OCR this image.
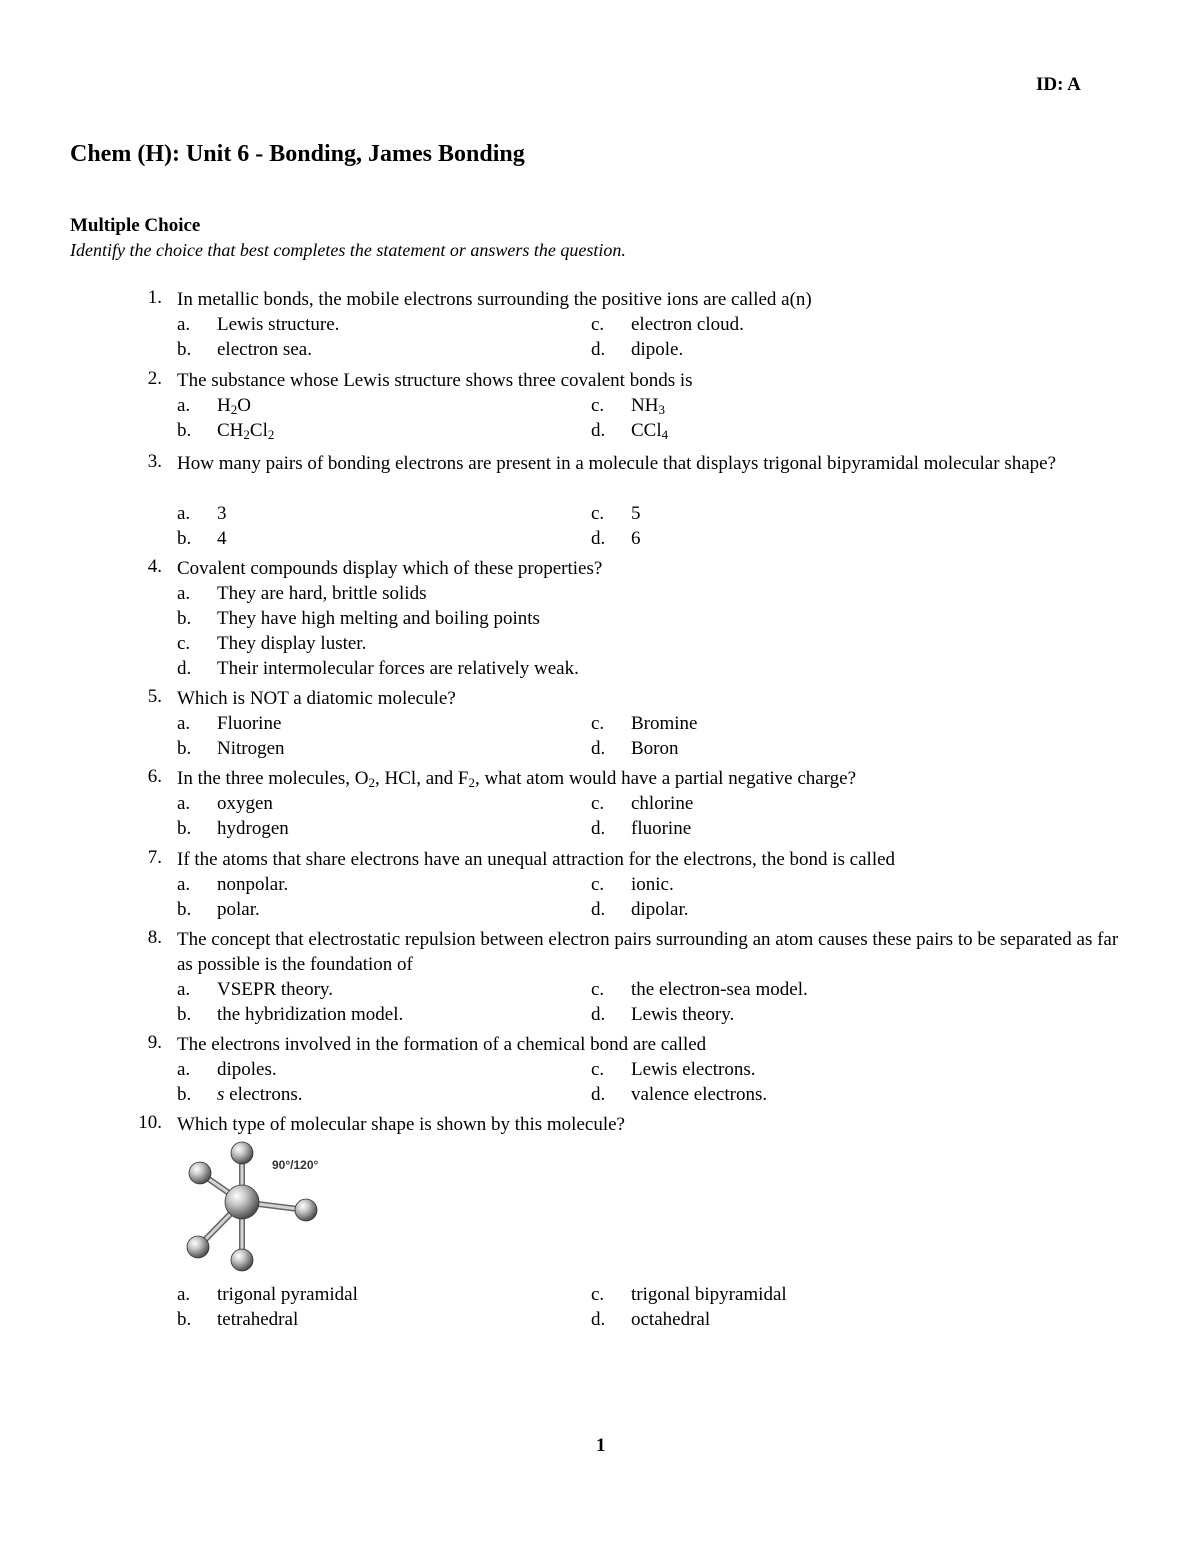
ID: A
Chem (H): Unit 6 - Bonding, James Bonding
Multiple Choice
Identify the choice that best completes the statement or answers the question.
1. In metallic bonds, the mobile electrons surrounding the positive ions are called a(n)
a. Lewis structure.
b. electron sea.
c. electron cloud.
d. dipole.
2. The substance whose Lewis structure shows three covalent bonds is
a. $H_2O$
b. $CH_2Cl_2$
c. $NH_3$
d. CCl$_4$
3. How many pairs of bonding electrons are present in a molecule that displays trigonal bipyramidal molecular shape?
a. 3
b. 4
c. 5
d. 6
4. Covalent compounds display which of these properties?
a. They are hard, brittle solids
b. They have high melting and boiling points
c. They display luster.
d. Their intermolecular forces are relatively weak.
5. Which is NOT a diatomic molecule?
a. Fluorine
b. Nitrogen
c. Bromine
d. Boron
6. In the three molecules, $O_2$, HCl, and $F_2$, what atom would have a partial negative charge?
a. oxygen
b. hydrogen
c. chlorine
d. fluorine
7. If the atoms that share electrons have an unequal attraction for the electrons, the bond is called
a. nonpolar.
b. polar.
c. ionic.
d. dipolar.
8. The concept that electrostatic repulsion between electron pairs surrounding an atom causes these pairs to be separated as far as possible is the foundation of
a. VSEPR theory.
b. the hybridization model.
c. the electron-sea model.
d. Lewis theory.
9. The electrons involved in the formation of a chemical bond are called
a. dipoles.
b. s electrons.
c. Lewis electrons.
d. valence electrons.
10. Which type of molecular shape is shown by this molecule?
a. trigonal pyramidal
b. tetrahedral
c. trigonal bipyramidal
d. octahedral
90°/120°
1
